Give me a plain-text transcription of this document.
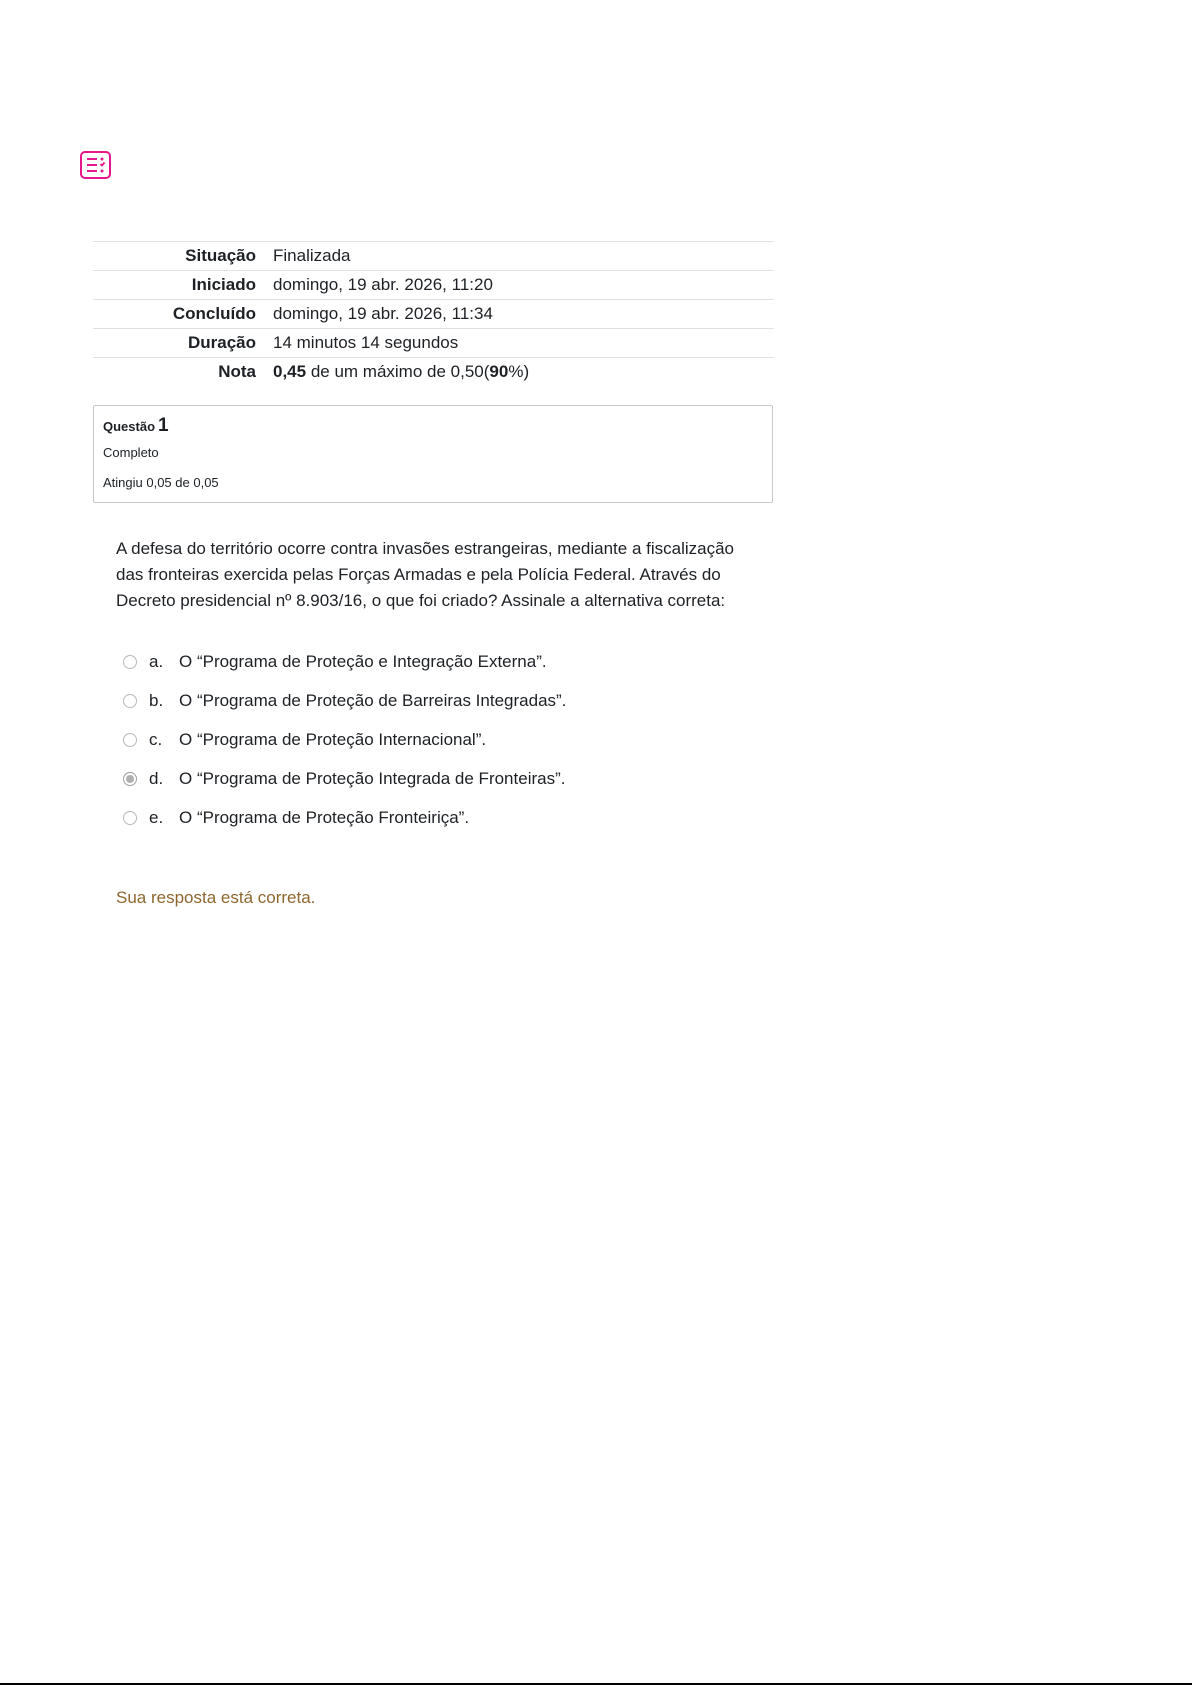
Situação	Finalizada
Iniciado	domingo, 19 abr. 2026, 11:20
Concluído	domingo, 19 abr. 2026, 11:34
Duração	14 minutos 14 segundos
Nota	0,45 de um máximo de 0,50(90%)
Questão 1
Completo
Atingiu 0,05 de 0,05
A defesa do território ocorre contra invasões estrangeiras, mediante a fiscalização das fronteiras exercida pelas Forças Armadas e pela Polícia Federal. Através do Decreto presidencial nº 8.903/16, o que foi criado? Assinale a alternativa correta:
a. O “Programa de Proteção e Integração Externa”.
b. O “Programa de Proteção de Barreiras Integradas”.
c. O “Programa de Proteção Internacional”.
d. O “Programa de Proteção Integrada de Fronteiras”.
e. O “Programa de Proteção Fronteiriça”.
Sua resposta está correta.
